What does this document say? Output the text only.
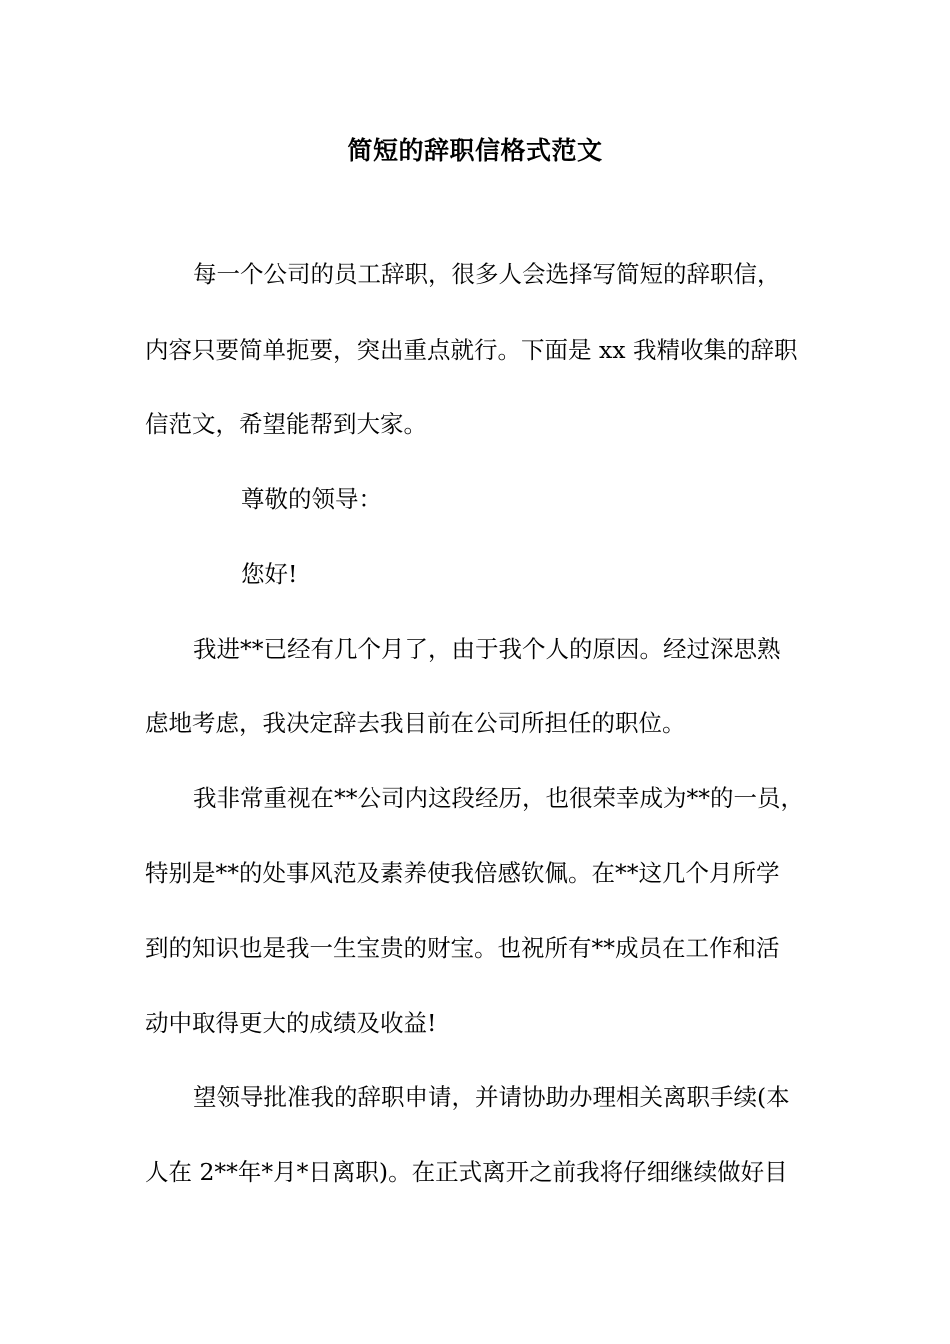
简短的辞职信格式范文
每一个公司的员工辞职，很多人会选择写简短的辞职信，
内容只要简单扼要，突出重点就行。下面是 xx 我精收集的辞职
信范文，希望能帮到大家。
尊敬的领导：
您好!
我进**已经有几个月了，由于我个人的原因。经过深思熟
虑地考虑，我决定辞去我目前在公司所担任的职位。
我非常重视在**公司内这段经历，也很荣幸成为**的一员，
特别是**的处事风范及素养使我倍感钦佩。在**这几个月所学
到的知识也是我一生宝贵的财宝。也祝所有**成员在工作和活
动中取得更大的成绩及收益!
望领导批准我的辞职申请，并请协助办理相关离职手续(本
人在 2**年*月*日离职)。在正式离开之前我将仔细继续做好目
